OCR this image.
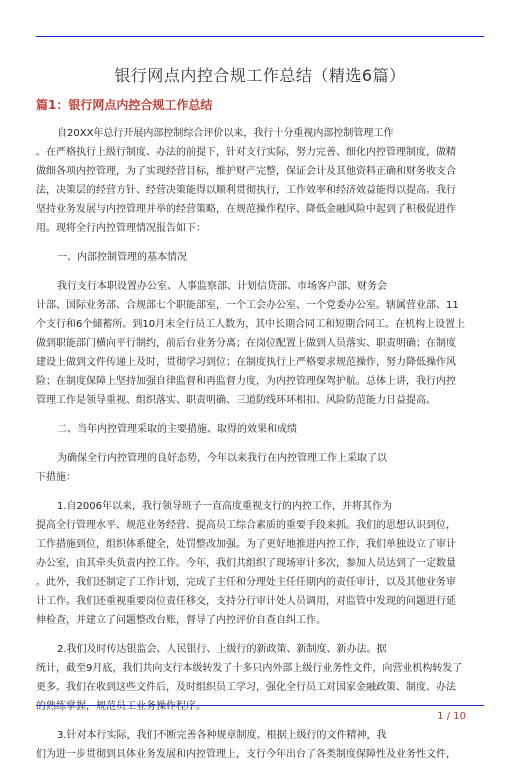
银行网点内控合规工作总结（精选6篇）
篇1：银行网点内控合规工作总结

自20XX年总行开展内部控制综合评价以来，我行十分重视内部控制管理工作
。在严格执行上级行制度、办法的前提下，针对支行实际，努力完善、细化内控管理制度，做精
做细各项内控管理，为了实现经营目标，维护财产完整，保证会计及其他资料正确和财务收支合
法，决策层的经营方针、经营决策能得以顺利贯彻执行，工作效率和经济效益能得以提高。我行
坚持业务发展与内控管理并举的经营策略，在规范操作程序、降低金融风险中起到了积极促进作
用。现将全行内控管理情况报告如下：

一、内部控制管理的基本情况

我行支行本职设置办公室、人事监察部、计划信贷部、市场客户部、财务会
计部、国际业务部、合规部七个职能部室，一个工会办公室、一个党委办公室。辖属营业部、11
个支行和6个储蓄所。到10月末全行员工人数为，其中长期合同工和短期合同工。在机构上设置上
做到职能部门横向平行制约，前后台业务分离；在岗位配置上做到人员落实、职责明确；在制度
建设上做到文件传递上及时，贯彻学习到位；在制度执行上严格要求规范操作，努力降低操作风
险；在制度保障上坚持加强自律监督和再监督力度，为内控管理保驾护航。总体上讲，我行内控
管理工作是领导重视、组织落实、职责明确、三道防线环环相扣、风险防范能力日益提高。

二、当年内控管理采取的主要措施、取得的效果和成绩

为确保全行内控管理的良好态势，今年以来我行在内控管理工作上采取了以
下措施：

1.自2006年以来，我行领导班子一直高度重视支行的内控工作，并将其作为
提高全行管理水平、规范业务经营、提高员工综合素质的重要手段来抓。我们的思想认识到位，
工作措施到位，组织体系健全，处罚整改加强。为了更好地推进内控工作，我们单独设立了审计
办公室，由其牵头负责内控工作。今年，我们共组织了现场审计多次，参加人员达到了一定数量
。此外，我们还制定了工作计划，完成了主任和分理处主任任期内的责任审计，以及其他业务审
计工作。我们还重视重要岗位责任移交，支持分行审计处人员调用，对监管中发现的问题进行延
伸检查，并建立了问题整改台账，督导了内控评价自查自纠工作。

2.我们及时传达银监会、人民银行、上级行的新政策、新制度、新办法。据
统计，截至9月底，我们共向支行本级转发了十多只内外部上级行业务性文件，向营业机构转发了
更多。我们在收到这些文件后，及时组织员工学习，强化全行员工对国家金融政策、制度、办法
的熟练掌握，规范员工业务操作程序。

3.针对本行实际，我们不断完善各种规章制度。根据上级行的文件精神，我
们为进一步贯彻到具体业务发展和内控管理上，支行今年出台了各类制度保障性及业务性文件，

1 / 10
